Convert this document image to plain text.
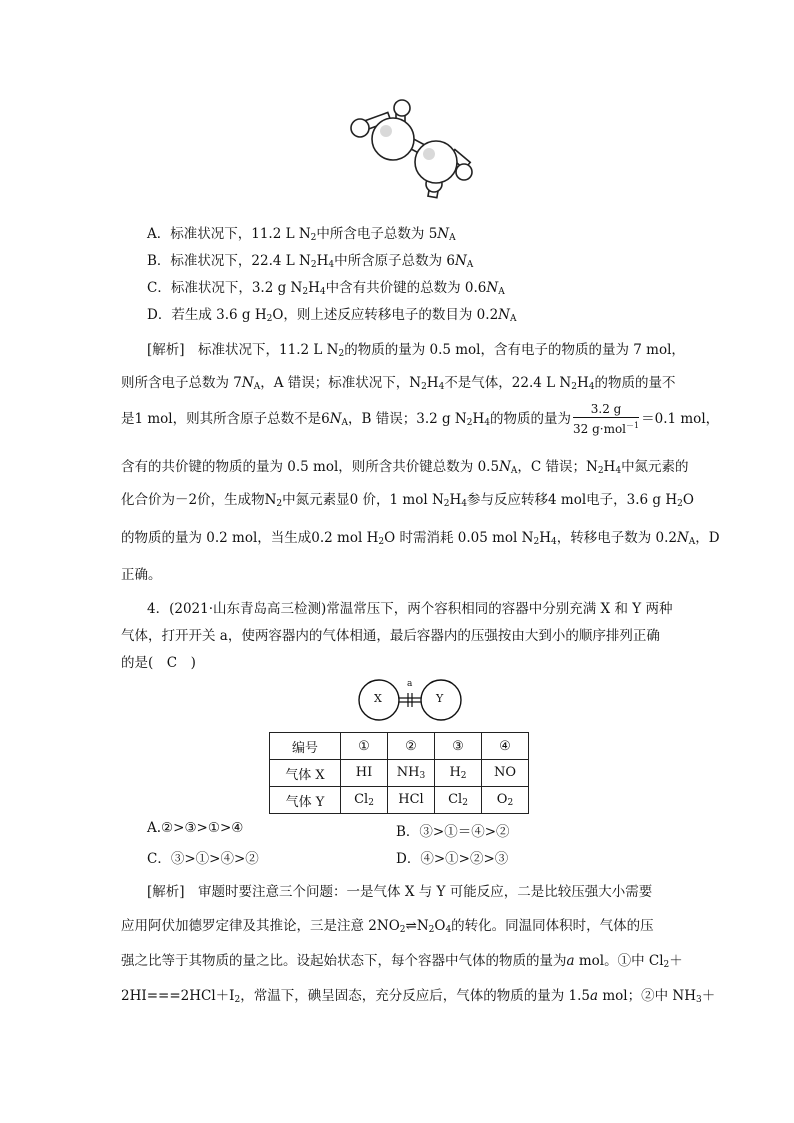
A．标准状况下，11.2 L $N_2$中所含电子总数为 $5N_A$
B．标准状况下，22.4 L $N_2H_4$中所含原子总数为 $6N_A$
C．标准状况下，3.2 g $N_2H_4$中含有共价键的总数为 $0.6N_A$
D．若生成 3.6 g $H_2O$，则上述反应转移电子的数目为 $0.2N_A$
[解析]　 标准状况下，11.2 L $N_2$的物质的量为 0.5 mol，含有电子的物质的量为 7 mol，
则所含电子总数为 $7N_A$，A 错误；标准状况下，$N_2H_4$不是气体，22.4 L $N_2H_4$的物质的量不
是1 mol，则其所含原子总数不是$6N_A$，B 错误；3.2 g $N_2H_4$的物质的量为 $\frac{3.2 g}{32 g\cdot mol^{-1}} =0.1$ mol，
含有的共价键的物质的量为 0.5 mol，则所含共价键总数为 $0.5N_A$，C 错误；$N_2H_4$中氮元素的
化合价为－2价，生成物$N_2$中氮元素显0 价，1 mol $N_2H_4$参与反应转移4 mol电子，3.6 g $H_2O$
的物质的量为 0.2 mol，当生成0.2 mol $H_2O$ 时需消耗 0.05 mol $N_2H_4$，转移电子数为 $0.2N_A$，D
正确。
4．(2021·山东青岛高三检测)常温常压下，两个容积相同的容器中分别充满 X 和 Y 两种
气体，打开开关 a，使两容器内的气体相通，最后容器内的压强按由大到小的顺序排列正确
的是(　C　)
X	Y
a
编号	①	②	③	④
气体 X	HI	$NH_3$	$H_2$	NO
气体 Y	$Cl_2$	HCl	$Cl_2$	$O_2$
A.②>③>①>④	B．③>①＝④>②
C．③>①>④>②	D．④>①>②>③
[解析]　 审题时要注意三个问题：一是气体 X 与 Y 可能反应，二是比较压强大小需要
应用阿伏加德罗定律及其推论，三是注意 $2NO_2\rightleftharpoons N_2O_4$的转化。同温同体积时，气体的压
强之比等于其物质的量之比。设起始状态下，每个容器中气体的物质的量为a mol。①中 $Cl_2+$
$2HI===2HCl+I_2$，常温下，碘呈固态，充分反应后，气体的物质的量为 1.5a mol；②中 $NH_3+$
